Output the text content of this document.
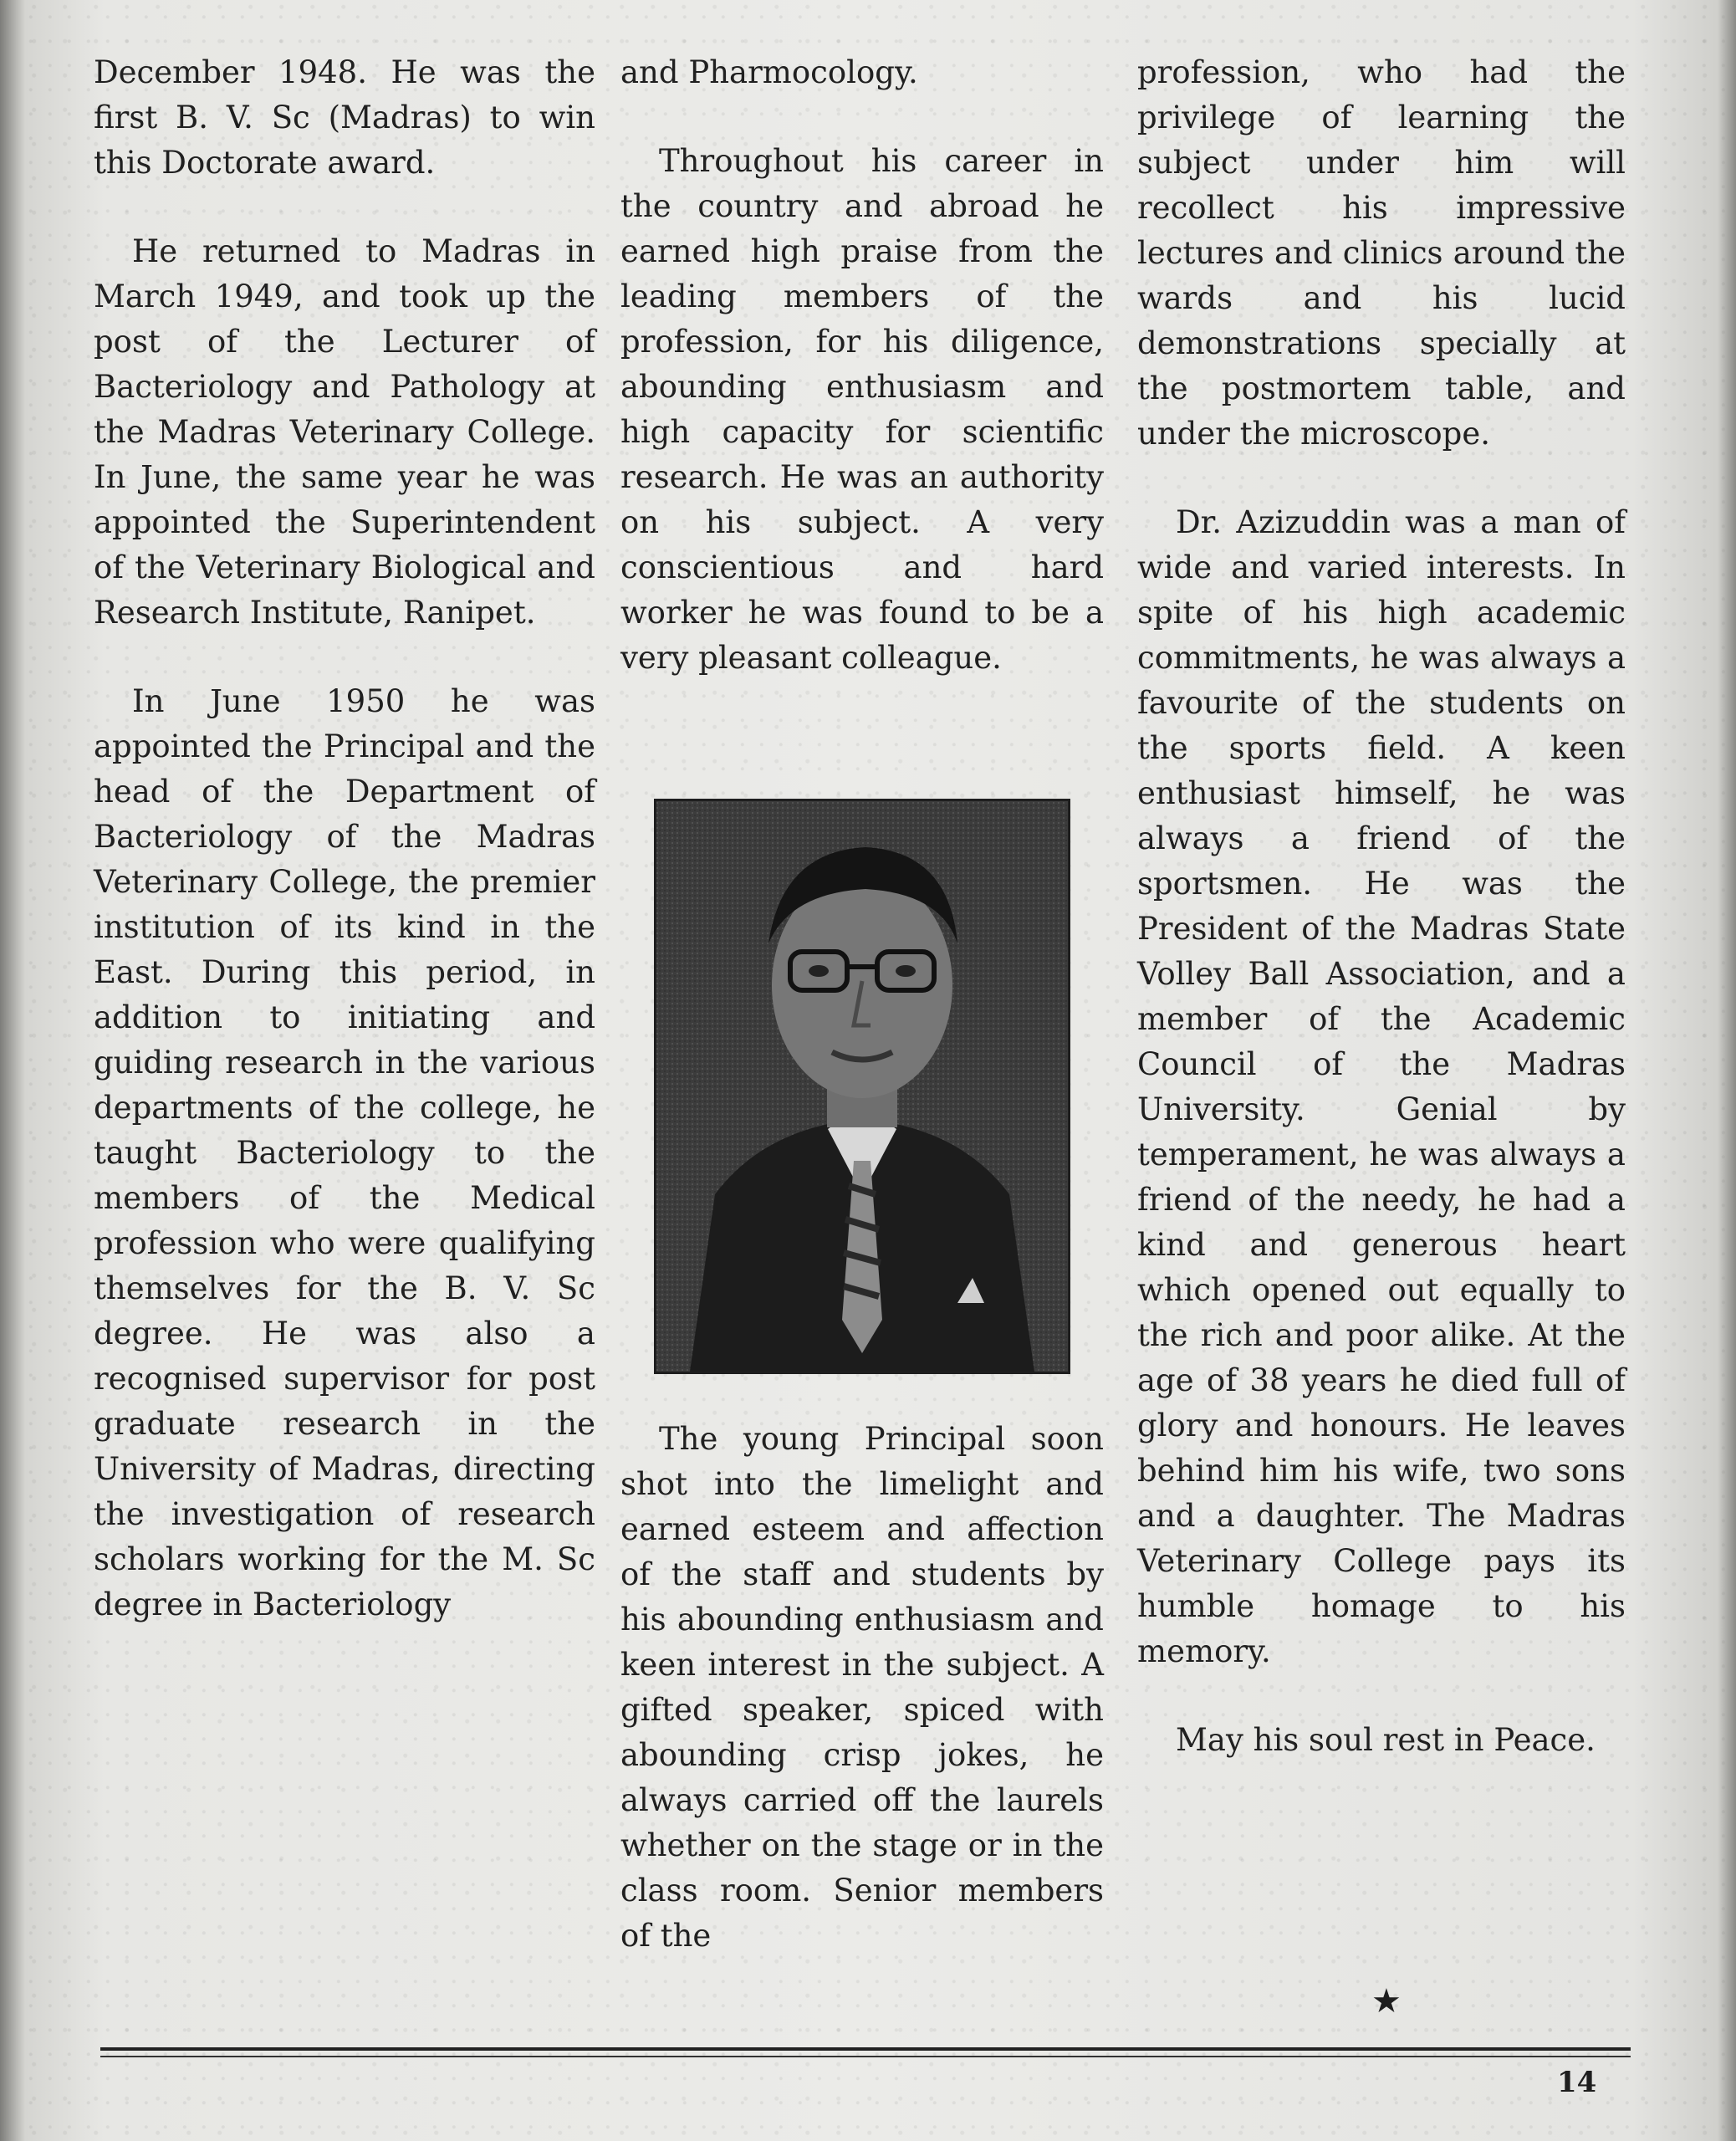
December 1948. He was the first B. V. Sc (Madras) to win this Doctorate award.

He returned to Madras in March 1949, and took up the post of the Lecturer of Bacteriology and Pathology at the Madras Veterinary College. In June, the same year he was appointed the Superintendent of the Veterinary Biological and Research Institute, Ranipet.

In June 1950 he was appointed the Principal and the head of the Department of Bacteriology of the Madras Veterinary College, the premier institution of its kind in the East. During this period, in addition to initiating and guiding research in the various departments of the college, he taught Bacteriology to the members of the Medical profession who were qualifying themselves for the B. V. Sc degree. He was also a recognised supervisor for post graduate research in the University of Madras, directing the investigation of research scholars working for the M. Sc degree in Bacteriology

and Pharmocology.

Throughout his career in the country and abroad he earned high praise from the leading members of the profession, for his diligence, abounding enthusiasm and high capacity for scientific research. He was an authority on his subject. A very conscientious and hard worker he was found to be a very pleasant colleague.

The young Principal soon shot into the limelight and earned esteem and affection of the staff and students by his abounding enthusiasm and keen interest in the subject. A gifted speaker, spiced with abounding crisp jokes, he always carried off the laurels whether on the stage or in the class room. Senior members of the

profession, who had the privilege of learning the subject under him will recollect his impressive lectures and clinics around the wards and his lucid demonstrations specially at the postmortem table, and under the microscope.

Dr. Azizuddin was a man of wide and varied interests. In spite of his high academic commitments, he was always a favourite of the students on the sports field. A keen enthusiast himself, he was always a friend of the sportsmen. He was the President of the Madras State Volley Ball Association, and a member of the Academic Council of the Madras University. Genial by temperament, he was always a friend of the needy, he had a kind and generous heart which opened out equally to the rich and poor alike. At the age of 38 years he died full of glory and honours. He leaves behind him his wife, two sons and a daughter. The Madras Veterinary College pays its humble homage to his memory.

May his soul rest in Peace.

★
14
